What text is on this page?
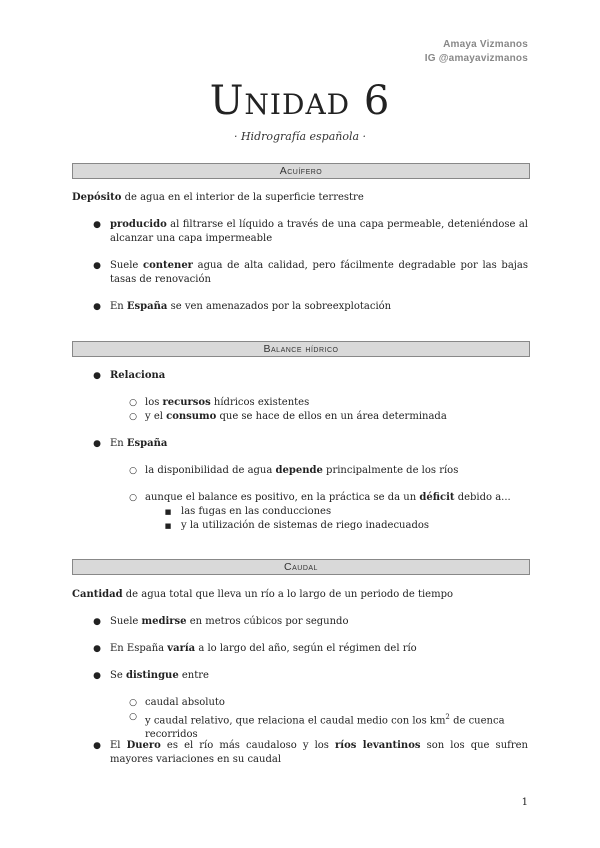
Amaya Vizmanos
IG @amayavizmanos
Unidad 6
· Hidrografía española ·
Acuífero
Depósito de agua en el interior de la superficie terrestre
● producido al filtrarse el líquido a través de una capa permeable, deteniéndose al alcanzar una capa impermeable
● Suele contener agua de alta calidad, pero fácilmente degradable por las bajas tasas de renovación
● En España se ven amenazados por la sobreexplotación
Balance hídrico
● Relaciona
○ los recursos hídricos existentes
○ y el consumo que se hace de ellos en un área determinada
● En España
○ la disponibilidad de agua depende principalmente de los ríos
○ aunque el balance es positivo, en la práctica se da un déficit debido a...
■ las fugas en las conducciones
■ y la utilización de sistemas de riego inadecuados
Caudal
Cantidad de agua total que lleva un río a lo largo de un periodo de tiempo
● Suele medirse en metros cúbicos por segundo
● En España varía a lo largo del año, según el régimen del río
● Se distingue entre
○ caudal absoluto
○ y caudal relativo, que relaciona el caudal medio con los $km^2$ de cuenca recorridos
● El Duero es el río más caudaloso y los ríos levantinos son los que sufren mayores variaciones en su caudal
1
